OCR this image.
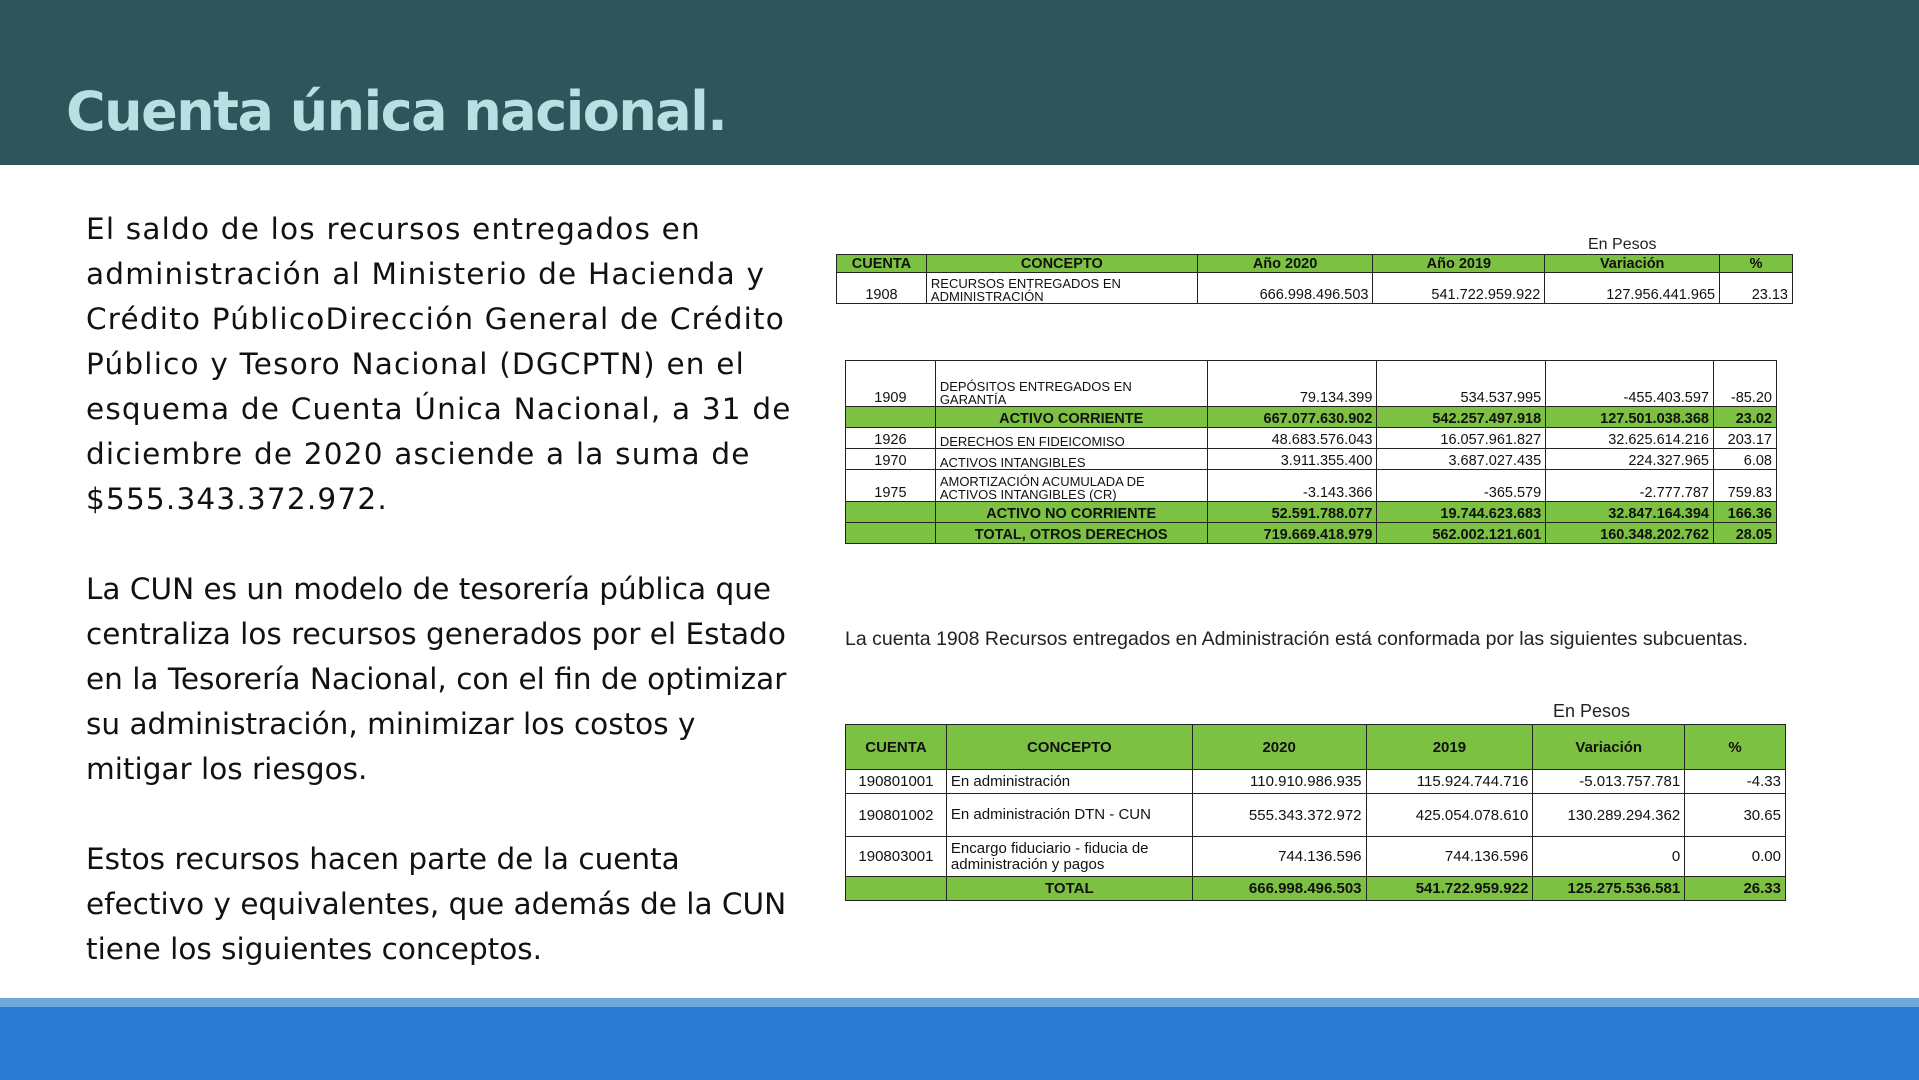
Cuenta única nacional.

El saldo de los recursos entregados en
administración al Ministerio de Hacienda y
Crédito PúblicoDirección General de Crédito
Público y Tesoro Nacional (DGCPTN) en el
esquema de Cuenta Única Nacional, a 31 de
diciembre de 2020 asciende a la suma de
$555.343.372.972.

La CUN es un modelo de tesorería pública que
centraliza los recursos generados por el Estado
en la Tesorería Nacional, con el fin de optimizar
su administración, minimizar los costos y
mitigar los riesgos.

Estos recursos hacen parte de la cuenta
efectivo y equivalentes, que además de la CUN
tiene los siguientes conceptos.

En Pesos
CUENTA	CONCEPTO	Año 2020	Año 2019	Variación	%
1908	RECURSOS ENTREGADOS EN
ADMINISTRACIÓN	666.998.496.503	541.722.959.922	127.956.441.965	23.13
1909	DEPÓSITOS ENTREGADOS EN
GARANTÍA	79.134.399	534.537.995	-455.403.597	-85.20
	ACTIVO CORRIENTE	667.077.630.902	542.257.497.918	127.501.038.368	23.02
1926	DERECHOS EN FIDEICOMISO	48.683.576.043	16.057.961.827	32.625.614.216	203.17
1970	ACTIVOS INTANGIBLES	3.911.355.400	3.687.027.435	224.327.965	6.08
1975	AMORTIZACIÓN ACUMULADA DE
ACTIVOS INTANGIBLES (CR)	-3.143.366	-365.579	-2.777.787	759.83
	ACTIVO NO CORRIENTE	52.591.788.077	19.744.623.683	32.847.164.394	166.36
	TOTAL, OTROS DERECHOS	719.669.418.979	562.002.121.601	160.348.202.762	28.05
La cuenta 1908 Recursos entregados en Administración está conformada por las siguientes subcuentas.
En Pesos
CUENTA	CONCEPTO	2020	2019	Variación	%
190801001	En administración	110.910.986.935	115.924.744.716	-5.013.757.781	-4.33
190801002	En administración DTN - CUN	555.343.372.972	425.054.078.610	130.289.294.362	30.65
190803001	Encargo fiduciario - fiducia de
administración y pagos	744.136.596	744.136.596	0	0.00
	TOTAL	666.998.496.503	541.722.959.922	125.275.536.581	26.33
